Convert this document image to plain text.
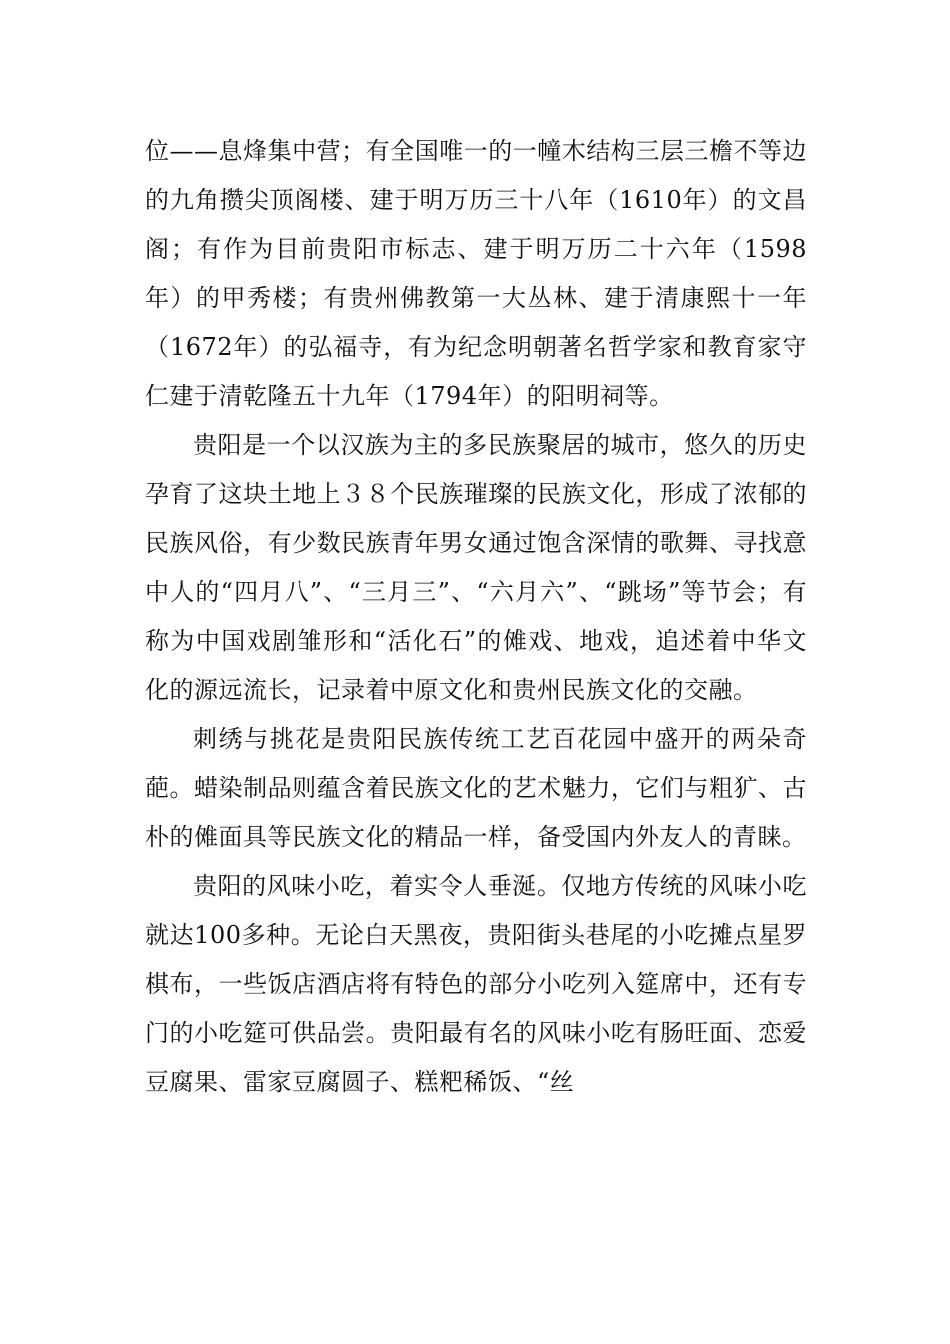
位——息烽集中营；有全国唯一的一幢木结构三层三檐不等边的九角攒尖顶阁楼、建于明万历三十八年（1610年）的文昌阁；有作为目前贵阳市标志、建于明万历二十六年（1598年）的甲秀楼；有贵州佛教第一大丛林、建于清康熙十一年（1672年）的弘福寺，有为纪念明朝著名哲学家和教育家守仁建于清乾隆五十九年（1794年）的阳明祠等。

贵阳是一个以汉族为主的多民族聚居的城市，悠久的历史孕育了这块土地上３８个民族璀璨的民族文化，形成了浓郁的民族风俗，有少数民族青年男女通过饱含深情的歌舞、寻找意中人的“四月八”、“三月三”、“六月六”、“跳场”等节会；有称为中国戏剧雏形和“活化石”的傩戏、地戏，追述着中华文化的源远流长，记录着中原文化和贵州民族文化的交融。

刺绣与挑花是贵阳民族传统工艺百花园中盛开的两朵奇葩。蜡染制品则蕴含着民族文化的艺术魅力，它们与粗犷、古朴的傩面具等民族文化的精品一样，备受国内外友人的青睐。

贵阳的风味小吃，着实令人垂涎。仅地方传统的风味小吃就达100多种。无论白天黑夜，贵阳街头巷尾的小吃摊点星罗棋布，一些饭店酒店将有特色的部分小吃列入筵席中，还有专门的小吃筵可供品尝。贵阳最有名的风味小吃有肠旺面、恋爱豆腐果、雷家豆腐圆子、糕粑稀饭、“丝
